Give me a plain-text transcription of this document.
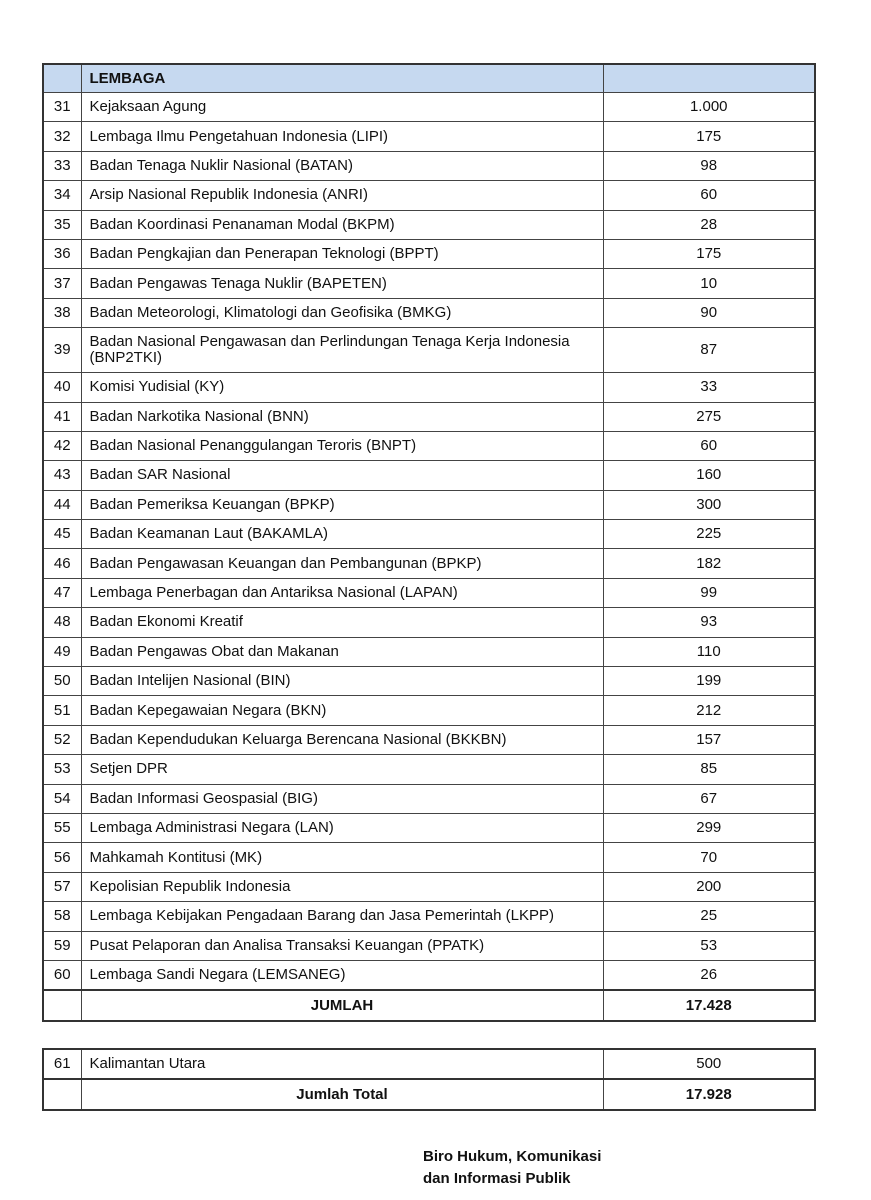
	LEMBAGA	
31	Kejaksaan Agung	1.000
32	Lembaga Ilmu Pengetahuan Indonesia (LIPI)	175
33	Badan Tenaga Nuklir Nasional (BATAN)	98
34	Arsip Nasional Republik Indonesia (ANRI)	60
35	Badan Koordinasi Penanaman Modal (BKPM)	28
36	Badan Pengkajian dan Penerapan Teknologi (BPPT)	175
37	Badan Pengawas Tenaga Nuklir (BAPETEN)	10
38	Badan Meteorologi, Klimatologi dan Geofisika (BMKG)	90
39	Badan Nasional Pengawasan dan Perlindungan Tenaga Kerja Indonesia (BNP2TKI)	87
40	Komisi Yudisial (KY)	33
41	Badan Narkotika Nasional (BNN)	275
42	Badan Nasional Penanggulangan Teroris (BNPT)	60
43	Badan SAR Nasional	160
44	Badan Pemeriksa Keuangan (BPKP)	300
45	Badan Keamanan Laut (BAKAMLA)	225
46	Badan Pengawasan Keuangan dan Pembangunan (BPKP)	182
47	Lembaga Penerbagan dan Antariksa Nasional (LAPAN)	99
48	Badan Ekonomi Kreatif	93
49	Badan Pengawas Obat dan Makanan	110
50	Badan Intelijen Nasional (BIN)	199
51	Badan Kepegawaian Negara (BKN)	212
52	Badan Kependudukan Keluarga Berencana Nasional (BKKBN)	157
53	Setjen DPR	85
54	Badan Informasi Geospasial (BIG)	67
55	Lembaga Administrasi Negara (LAN)	299
56	Mahkamah Kontitusi (MK)	70
57	Kepolisian Republik Indonesia	200
58	Lembaga Kebijakan Pengadaan Barang dan Jasa Pemerintah (LKPP)	25
59	Pusat Pelaporan dan Analisa Transaksi Keuangan (PPATK)	53
60	Lembaga Sandi Negara (LEMSANEG)	26
	JUMLAH	17.428
61	Kalimantan Utara	500
	Jumlah Total	17.928
Biro Hukum, Komunikasi
dan Informasi Publik
